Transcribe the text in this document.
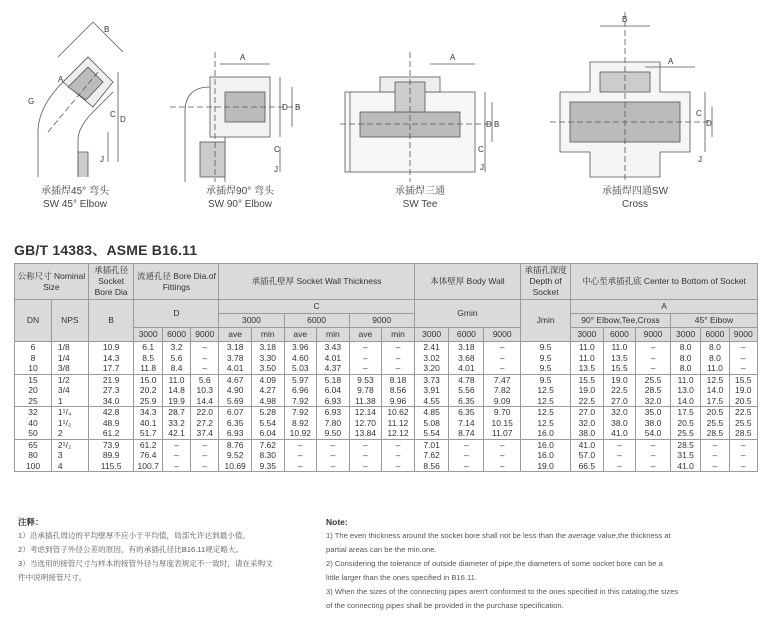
B
G
A
C
D
J
承插焊45° 弯头
SW 45° Elbow
A
B
C
D
J
承插焊90° 弯头
SW 90° Elbow
A
B
C
D
J
承插焊三通
SW Tee
B
A
C
D
J
承插焊四通SW
Cross
GB/T 14383、ASME B16.11
公称尺寸 Nominal Size		承插孔径 Socket Bore Dia	流通孔径 Bore Dia.of Fittings			承插孔壁厚 Socket Wall Thickness						本体壁厚 Body Wall			承插孔深度 Depth of Socket	中心至承插孔底 Center to Bottom of Socket					
DN	NPS	B	D			C						Gmin			Jmin	A					
						3000		6000		9000						90° Elbow,Tee,Cross			45° Eibow		
			3000	6000	9000	ave	min	ave	min	ave	min	3000	6000	9000		3000	6000	9000	3000	6000	9000
6	1/8	10.9	6.1	3.2	–	3.18	3.18	3.96	3.43	–	–	2.41	3.18	–	9.5	11.0	11.0	–	8.0	8.0	–
8	1/4	14.3	8.5	5.6	–	3.78	3.30	4.60	4.01	–	–	3.02	3.68	–	9.5	11.0	13.5	–	8.0	8.0	–
10	3/8	17.7	11.8	8.4	–	4.01	3.50	5.03	4.37	–	–	3.20	4.01	–	9.5	13.5	15.5	–	8.0	11.0	–
15	1/2	21.9	15.0	11.0	5.6	4.67	4.09	5.97	5.18	9.53	8.18	3.73	4.78	7.47	9.5	15.5	19.0	25.5	11.0	12.5	15.5
20	3/4	27.3	20.2	14.8	10.3	4.90	4.27	6.96	6.04	9.78	8.56	3.91	5.56	7.82	12.5	19.0	22.5	28.5	13.0	14.0	19.0
25	1	34.0	25.9	19.9	14.4	5.69	4.98	7.92	6.93	11.38	9.96	4.55	6.35	9.09	12.5	22.5	27.0	32.0	14.0	17.5	20.5
32	1¹/₄	42.8	34.3	28.7	22.0	6.07	5.28	7.92	6.93	12.14	10.62	4.85	6.35	9.70	12.5	27.0	32.0	35.0	17.5	20.5	22.5
40	1¹/₂	48.9	40.1	33.2	27.2	6.35	5.54	8.92	7.80	12.70	11.12	5.08	7.14	10.15	12.5	32.0	38.0	38.0	20.5	25.5	25.5
50	2	61.2	51.7	42.1	37.4	6.93	6.04	10.92	9.50	13.84	12.12	5.54	8.74	11.07	16.0	38.0	41.0	54.0	25.5	28.5	28.5
65	2¹/₂	73.9	61.2	–	–	8.76	7.62	–	–	–	–	7.01	–	–	16.0	41.0	–	–	28.5	–	–
80	3	89.9	76.4	–	–	9.52	8.30	–	–	–	–	7.62	–	–	16.0	57.0	–	–	31.5	–	–
100	4	115.5	100.7	–	–	10.69	9.35	–	–	–	–	8.56	–	–	19.0	66.5	–	–	41.0	–	–
注释：
1）沿承插孔周边的平均壁厚不应小于平均值，局部允许达到最小值。
2）考虑到管子外径公差的原因，有的承插孔径比B16.11规定略大。
3）当选用的接管尺寸与样本的接管外径与厚度表规定不一致时，请在采购文
件中说明接管尺寸。
Note:
1) The even thickness around the socket bore shall not be less than the average value,the thickness at
partial areas can be the min.one.
2) Considering the tolerance of outside diameter of pipe,the diameters of some socket bore can be a
little larger than the ones specified in B16.11.
3) When the sizes of the connecting pipes aren't conformed to the ones specified in this catalog,the sizes
of the connecting pipes shall be provided in the purchase specification.
